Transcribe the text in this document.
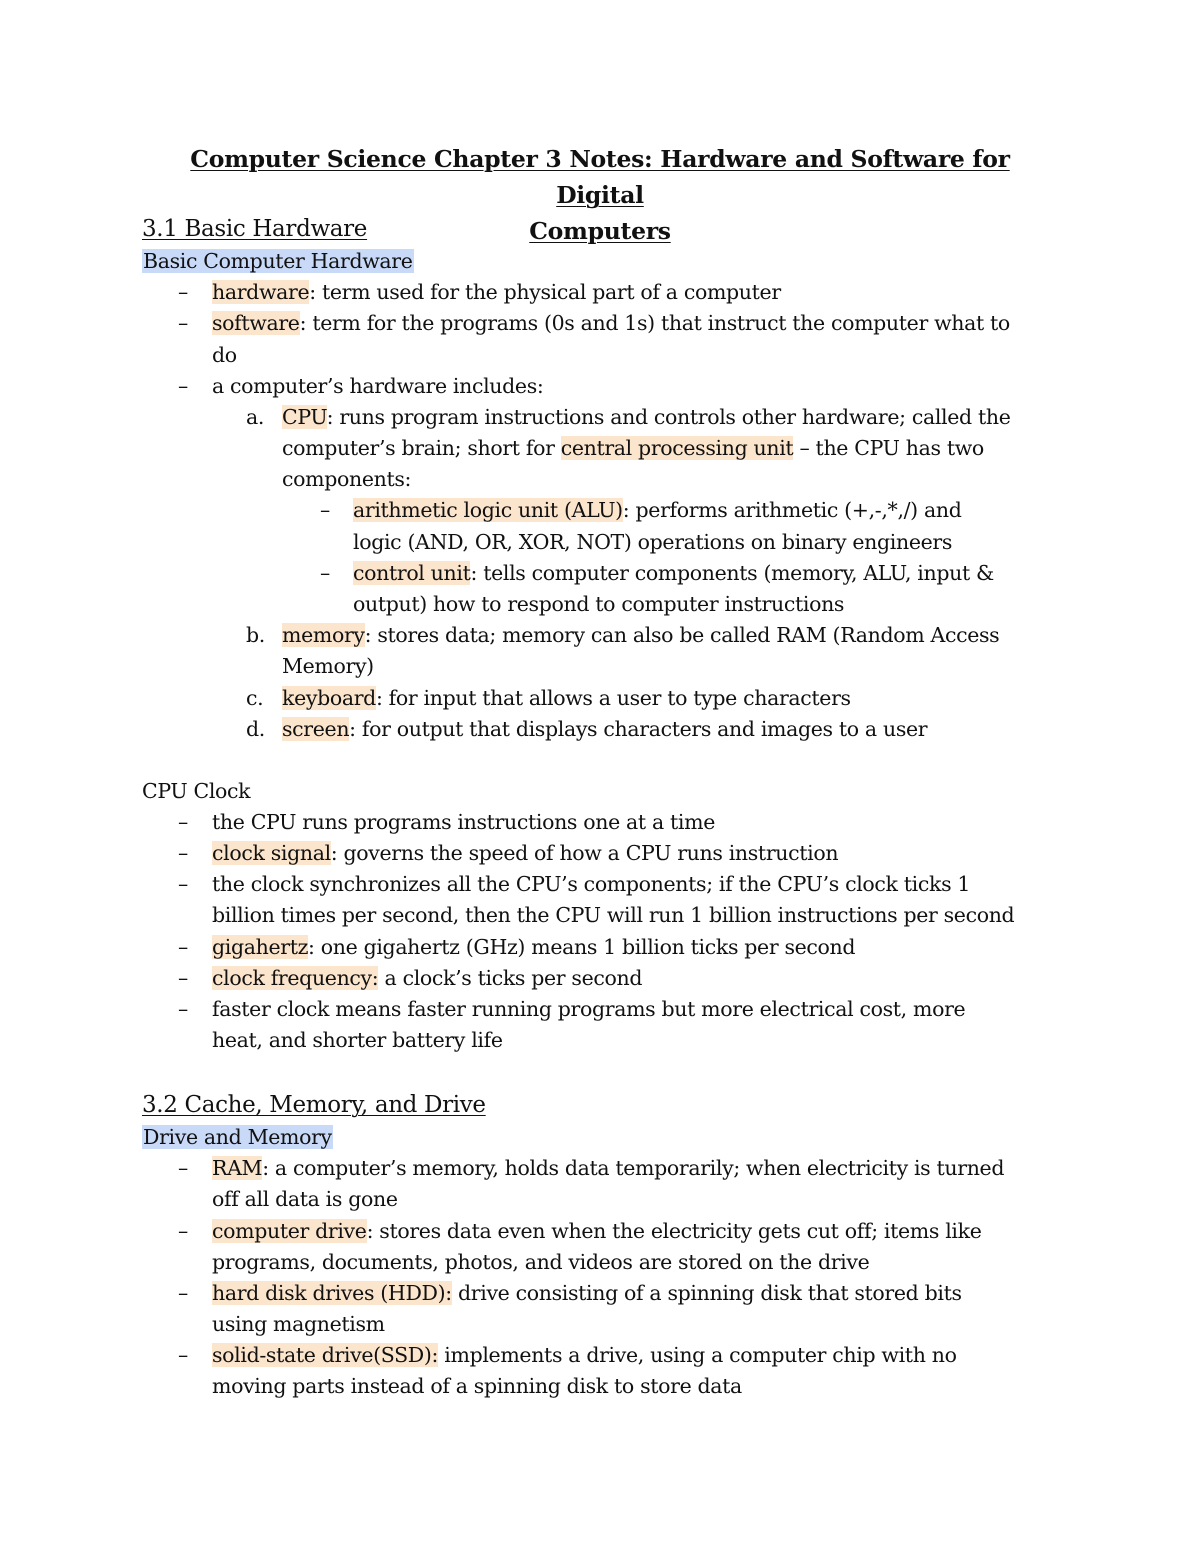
Computer Science Chapter 3 Notes: Hardware and Software for Digital
Computers
3.1 Basic Hardware
Basic Computer Hardware
– hardware: term used for the physical part of a computer
– software: term for the programs (0s and 1s) that instruct the computer what to
do
– a computer’s hardware includes:
a. CPU: runs program instructions and controls other hardware; called the
computer’s brain; short for central processing unit – the CPU has two
components:
– arithmetic logic unit (ALU): performs arithmetic (+,-,*,/) and
logic (AND, OR, XOR, NOT) operations on binary engineers
– control unit: tells computer components (memory, ALU, input &
output) how to respond to computer instructions
b. memory: stores data; memory can also be called RAM (Random Access
Memory)
c. keyboard: for input that allows a user to type characters
d. screen: for output that displays characters and images to a user
CPU Clock
– the CPU runs programs instructions one at a time
– clock signal: governs the speed of how a CPU runs instruction
– the clock synchronizes all the CPU’s components; if the CPU’s clock ticks 1
billion times per second, then the CPU will run 1 billion instructions per second
– gigahertz: one gigahertz (GHz) means 1 billion ticks per second
– clock frequency: a clock’s ticks per second
– faster clock means faster running programs but more electrical cost, more
heat, and shorter battery life
3.2 Cache, Memory, and Drive
Drive and Memory
– RAM: a computer’s memory, holds data temporarily; when electricity is turned
off all data is gone
– computer drive: stores data even when the electricity gets cut off; items like
programs, documents, photos, and videos are stored on the drive
– hard disk drives (HDD): drive consisting of a spinning disk that stored bits
using magnetism
– solid-state drive(SSD): implements a drive, using a computer chip with no
moving parts instead of a spinning disk to store data
